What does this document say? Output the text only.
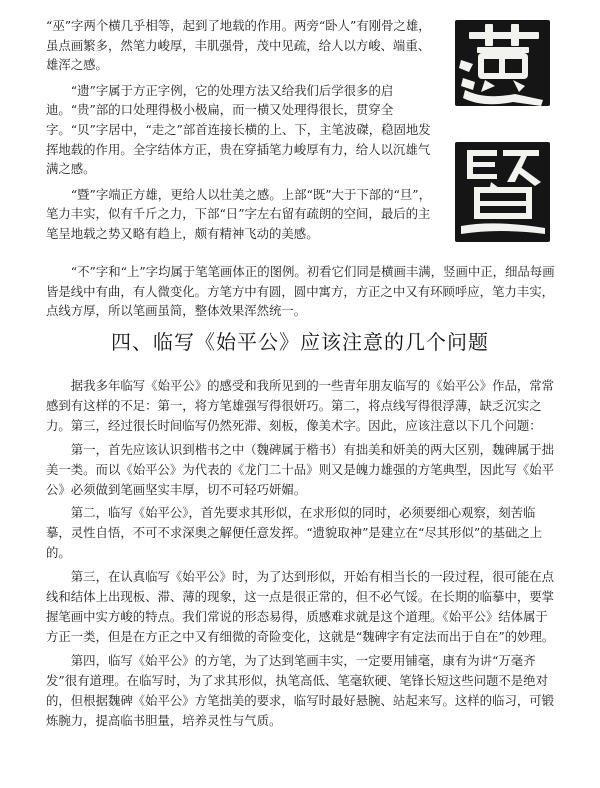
“巫”字两个横几乎相等，起到了地载的作用。两旁“卧人”有刚骨之雄，虽点画繁多，然笔力峻厚，丰肌强骨，茂中见疏，给人以方峻、端重、雄浑之感。

“遗”字属于方正字例，它的处理方法又给我们后学很多的启迪。“贵”部的口处理得极小极扁，而一横又处理得很长，贯穿全字。“贝”字居中，“走之”部首连接长横的上、下，主笔波磔，稳固地发挥地载的作用。全字结体方正，贵在穿插笔力峻厚有力，给人以沉雄气满之感。

“暨”字端正方雄，更给人以壮美之感。上部“既”大于下部的“旦”，笔力丰实，似有千斤之力，下部“日”字左右留有疏朗的空间，最后的主笔呈地载之势又略有趋上，颇有精神飞动的美感。

“不”字和“上”字均属于笔笔画体正的图例。初看它们同是横画丰满，竖画中正，细品每画皆是线中有曲，有人微变化。方笔方中有圆，圆中寓方，方正之中又有环顾呼应，笔力丰实，点线方厚，所以笔画虽简，整体效果浑然统一。

四、临写《始平公》应该注意的几个问题

据我多年临写《始平公》的感受和我所见到的一些青年朋友临写的《始平公》作品，常常感到有这样的不足：第一，将方笔雄强写得很妍巧。第二，将点线写得很浮薄，缺乏沉实之力。第三，经过很长时间临写仍然死滞、刻板，像美术字。因此，应该注意以下几个问题：

第一，首先应该认识到楷书之中（魏碑属于楷书）有拙美和妍美的两大区别，魏碑属于拙美一类。而以《始平公》为代表的《龙门二十品》则又是魄力雄强的方笔典型，因此写《始平公》必须做到笔画坚实丰厚，切不可轻巧妍媚。

第二，临写《始平公》，首先要求其形似，在求形似的同时，必须要细心观察，刻苦临摹，灵性自悟，不可不求深奥之解便任意发挥。“遗貌取神”是建立在“尽其形似”的基础之上的。

第三，在认真临写《始平公》时，为了达到形似，开始有相当长的一段过程，很可能在点线和结体上出现板、滞、薄的现象，这一点是很正常的，但不必气馁。在长期的临摹中，要掌握笔画中实方峻的特点。我们常说的形态易得，质感难求就是这个道理。《始平公》结体属于方正一类，但是在方正之中又有细微的奇险变化，这就是“魏碑字有定法而出于自在”的妙理。

第四，临写《始平公》的方笔，为了达到笔画丰实，一定要用铺毫，康有为讲“万毫齐发”很有道理。在临写时，为了求其形似，执笔高低、笔毫软硬、笔锋长短这些问题不是绝对的，但根据魏碑《始平公》方笔拙美的要求，临写时最好悬腕、站起来写。这样的临习，可锻炼腕力，提高临书胆量，培养灵性与气质。
